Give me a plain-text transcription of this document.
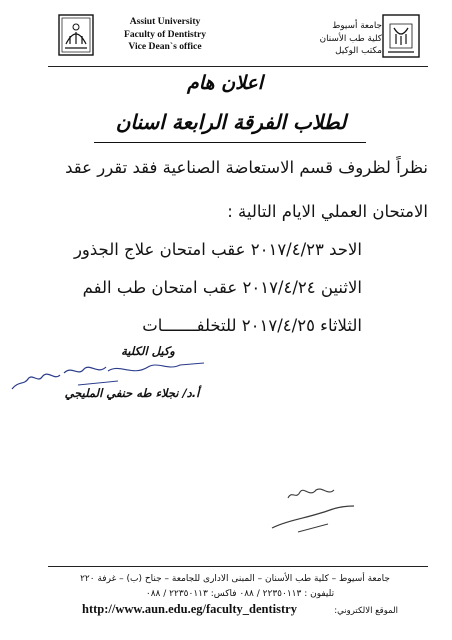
Assiut University
Faculty of Dentistry
Vice Dean`s office
جامعة أسيوط
كلية طب الأسنان
مكتب الوكيل
اعلان هام
لطلاب الفرقة الرابعة اسنان
نظراً لظروف قسم الاستعاضة الصناعية فقد تقرر عقد
الامتحان العملي الايام التالية :
الاحد ٢٠١٧/٤/٢٣ عقب امتحان علاج الجذور
الاثنين ٢٠١٧/٤/٢٤ عقب امتحان طب الفم
الثلاثاء ٢٠١٧/٤/٢٥ للتخلفـــــــات
وكيل الكلية
أ.د/ نجلاء طه حنفي المليجي
جامعة أسيوط – كلية طب الأسنان – المبنى الادارى للجامعة – جناح (ب) – غرفة ٢٢٠
تليفون : ٢٢٣٥٠١١٣ / ٠٨٨ فاكس: ٢٢٣٥٠١١٣ / ٠٨٨
http://www.aun.edu.eg/faculty_dentistry	الموقع الالكتروني:
